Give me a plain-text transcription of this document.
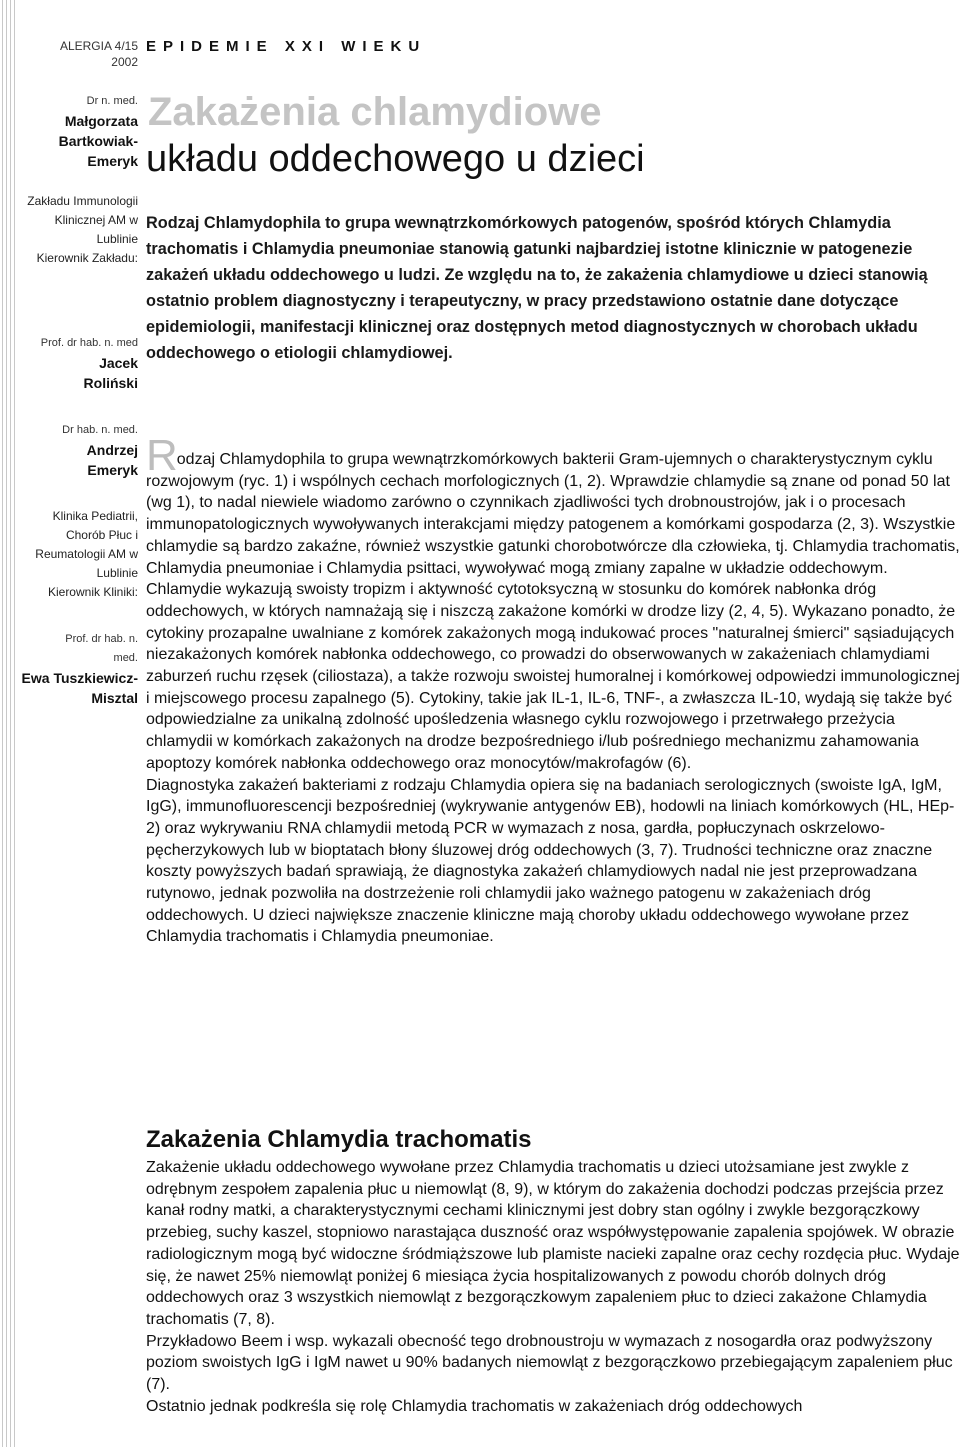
ALERGIA 4/15
2002
Dr n. med.
Małgorzata Bartkowiak-Emeryk
Zakładu Immunologii Klinicznej AM w Lublinie
Kierownik Zakładu:
Prof. dr hab. n. med
Jacek Roliński
Dr hab. n. med.
Andrzej Emeryk
Klinika Pediatrii, Chorób Płuc i Reumatologii AM w Lublinie
Kierownik Kliniki:
Prof. dr hab. n. med.
Ewa Tuszkiewicz-Misztal
EPIDEMIE XXI WIEKU
Zakażenia chlamydiowe
układu oddechowego u dzieci
Rodzaj Chlamydophila to grupa wewnątrzkomórkowych patogenów, spośród których Chlamydia trachomatis i Chlamydia pneumoniae stanowią gatunki najbardziej istotne klinicznie w patogenezie zakażeń układu oddechowego u ludzi. Ze względu na to, że zakażenia chlamydiowe u dzieci stanowią ostatnio problem diagnostyczny i terapeutyczny, w pracy przedstawiono ostatnie dane dotyczące epidemiologii, manifestacji klinicznej oraz dostępnych metod diagnostycznych w chorobach układu oddechowego o etiologii chlamydiowej.
Rodzaj Chlamydophila to grupa wewnątrzkomórkowych bakterii Gram-ujemnych o charakterystycznym cyklu rozwojowym (ryc. 1) i wspólnych cechach morfologicznych (1, 2). Wprawdzie chlamydie są znane od ponad 50 lat (wg 1), to nadal niewiele wiadomo zarówno o czynnikach zjadliwości tych drobnoustrojów, jak i o procesach immunopatologicznych wywoływanych interakcjami między patogenem a komórkami gospodarza (2, 3). Wszystkie chlamydie są bardzo zakaźne, również wszystkie gatunki chorobotwórcze dla człowieka, tj. Chlamydia trachomatis, Chlamydia pneumoniae i Chlamydia psittaci, wywoływać mogą zmiany zapalne w układzie oddechowym.
Chlamydie wykazują swoisty tropizm i aktywność cytotoksyczną w stosunku do komórek nabłonka dróg oddechowych, w których namnażają się i niszczą zakażone komórki w drodze lizy (2, 4, 5). Wykazano ponadto, że cytokiny prozapalne uwalniane z komórek zakażonych mogą indukować proces "naturalnej śmierci" sąsiadujących niezakażonych komórek nabłonka oddechowego, co prowadzi do obserwowanych w zakażeniach chlamydiami zaburzeń ruchu rzęsek (ciliostaza), a także rozwoju swoistej humoralnej i komórkowej odpowiedzi immunologicznej i miejscowego procesu zapalnego (5). Cytokiny, takie jak IL-1, IL-6, TNF-, a zwłaszcza IL-10, wydają się także być odpowiedzialne za unikalną zdolność upośledzenia własnego cyklu rozwojowego i przetrwałego przeżycia chlamydii w komórkach zakażonych na drodze bezpośredniego i/lub pośredniego mechanizmu zahamowania apoptozy komórek nabłonka oddechowego oraz monocytów/makrofagów (6).
Diagnostyka zakażeń bakteriami z rodzaju Chlamydia opiera się na badaniach serologicznych (swoiste IgA, IgM, IgG), immunofluorescencji bezpośredniej (wykrywanie antygenów EB), hodowli na liniach komórkowych (HL, HEp-2) oraz wykrywaniu RNA chlamydii metodą PCR w wymazach z nosa, gardła, popłuczynach oskrzelowo-pęcherzykowych lub w bioptatach błony śluzowej dróg oddechowych (3, 7). Trudności techniczne oraz znaczne koszty powyższych badań sprawiają, że diagnostyka zakażeń chlamydiowych nadal nie jest przeprowadzana rutynowo, jednak pozwoliła na dostrzeżenie roli chlamydii jako ważnego patogenu w zakażeniach dróg oddechowych. U dzieci największe znaczenie kliniczne mają choroby układu oddechowego wywołane przez Chlamydia trachomatis i Chlamydia pneumoniae.
Zakażenia Chlamydia trachomatis
Zakażenie układu oddechowego wywołane przez Chlamydia trachomatis u dzieci utożsamiane jest zwykle z odrębnym zespołem zapalenia płuc u niemowląt (8, 9), w którym do zakażenia dochodzi podczas przejścia przez kanał rodny matki, a charakterystycznymi cechami klinicznymi jest dobry stan ogólny i zwykle bezgorączkowy przebieg, suchy kaszel, stopniowo narastająca duszność oraz współwystępowanie zapalenia spojówek. W obrazie radiologicznym mogą być widoczne śródmiąższowe lub plamiste nacieki zapalne oraz cechy rozdęcia płuc. Wydaje się, że nawet 25% niemowląt poniżej 6 miesiąca życia hospitalizowanych z powodu chorób dolnych dróg oddechowych oraz 3 wszystkich niemowląt z bezgorączkowym zapaleniem płuc to dzieci zakażone Chlamydia trachomatis (7, 8).
Przykładowo Beem i wsp. wykazali obecność tego drobnoustroju w wymazach z nosogardła oraz podwyższony poziom swoistych IgG i IgM nawet u 90% badanych niemowląt z bezgorączkowo przebiegającym zapaleniem płuc (7).
Ostatnio jednak podkreśla się rolę Chlamydia trachomatis w zakażeniach dróg oddechowych
